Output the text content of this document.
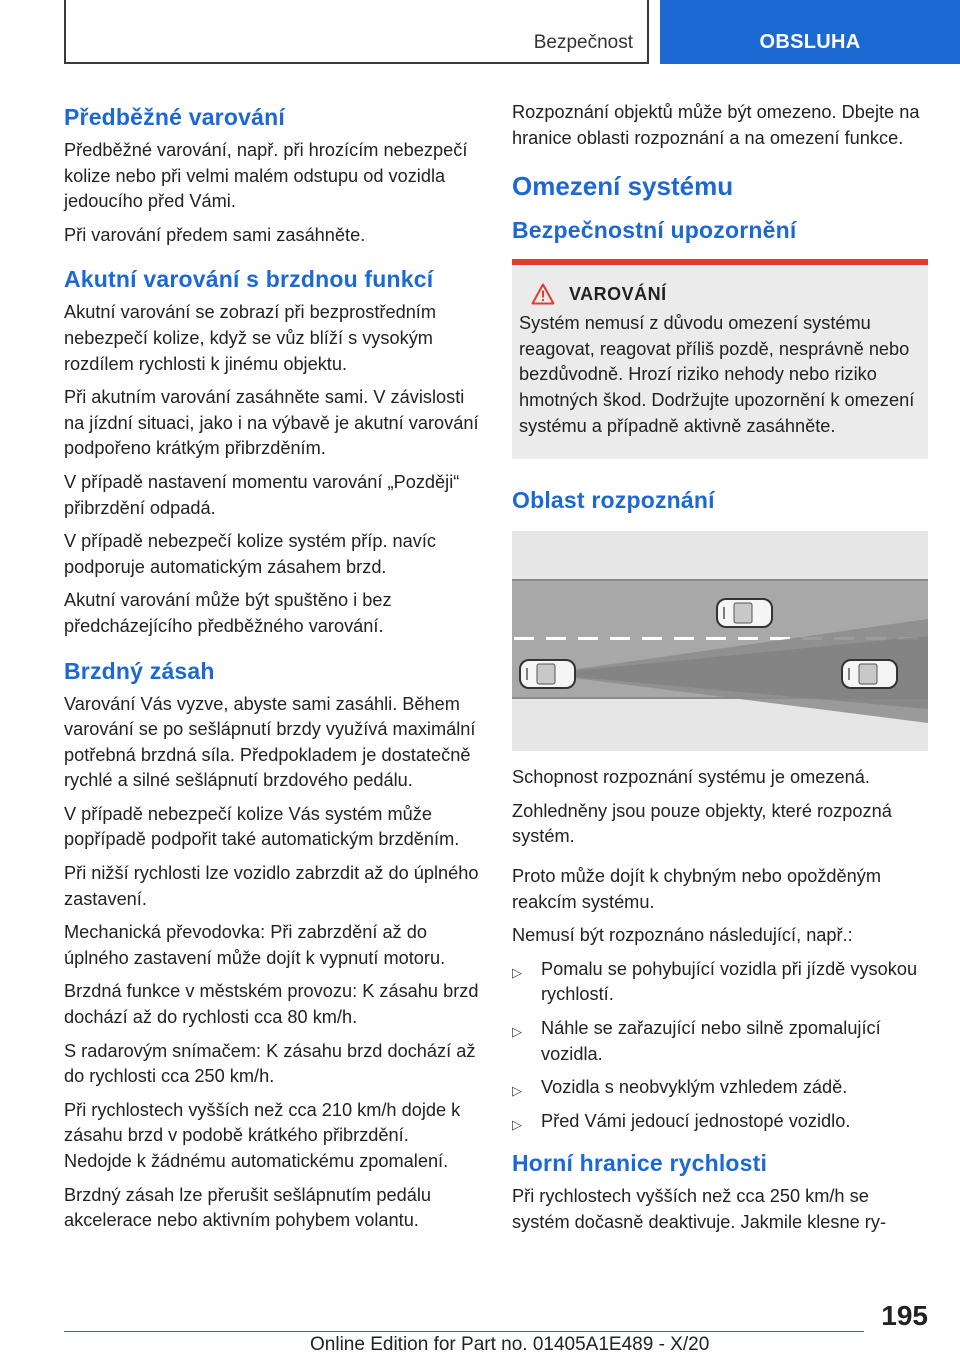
Bezpečnost	OBSLUHA
Předběžné varování

Předběžné varování, např. při hrozícím nebezpečí kolize nebo při velmi malém odstupu od vozidla jedoucího před Vámi.

Při varování předem sami zasáhněte.

Akutní varování s brzdnou funkcí

Akutní varování se zobrazí při bezprostředním nebezpečí kolize, když se vůz blíží s vysokým rozdílem rychlosti k jinému objektu.

Při akutním varování zasáhněte sami. V závislosti na jízdní situaci, jako i na výbavě je akutní varování podpořeno krátkým přibrzděním.

V případě nastavení momentu varování „Později“ přibrzdění odpadá.

V případě nebezpečí kolize systém příp. navíc podporuje automatickým zásahem brzd.

Akutní varování může být spuštěno i bez předcházejícího předběžného varování.

Brzdný zásah

Varování Vás vyzve, abyste sami zasáhli. Během varování se po sešlápnutí brzdy využívá maximální potřebná brzdná síla. Předpokladem je dostatečně rychlé a silné sešlápnutí brzdového pedálu.

V případě nebezpečí kolize Vás systém může popřípadě podpořit také automatickým brzděním.

Při nižší rychlosti lze vozidlo zabrzdit až do úplného zastavení.

Mechanická převodovka: Při zabrzdění až do úplného zastavení může dojít k vypnutí motoru.

Brzdná funkce v městském provozu: K zásahu brzd dochází až do rychlosti cca 80 km/h.

S radarovým snímačem: K zásahu brzd dochází až do rychlosti cca 250 km/h.

Při rychlostech vyšších než cca 210 km/h dojde k zásahu brzd v podobě krátkého přibrzdění. Nedojde k žádnému automatickému zpomalení.

Brzdný zásah lze přerušit sešlápnutím pedálu akcelerace nebo aktivním pohybem volantu.

Rozpoznání objektů může být omezeno. Dbejte na hranice oblasti rozpoznání a na omezení funkce.

Omezení systému
Bezpečnostní upozornění
VAROVÁNÍ

Systém nemusí z důvodu omezení systému reagovat, reagovat příliš pozdě, nesprávně nebo bezdůvodně. Hrozí riziko nehody nebo riziko hmotných škod. Dodržujte upozornění k omezení systému a případně aktivně zasáhněte.

Oblast rozpoznání

Schopnost rozpoznání systému je omezená.

Zohledněny jsou pouze objekty, které rozpozná systém.

Proto může dojít k chybným nebo opožděným reakcím systému.

Nemusí být rozpoznáno následující, např.:

▷ Pomalu se pohybující vozidla při jízdě vysokou rychlostí.
▷ Náhle se zařazující nebo silně zpomalující vozidla.
▷ Vozidla s neobvyklým vzhledem zádě.
▷ Před Vámi jedoucí jednostopé vozidlo.
Horní hranice rychlosti

Při rychlostech vyšších než cca 250 km/h se systém dočasně deaktivuje. Jakmile klesne ry-

195
Online Edition for Part no. 01405A1E489 - X/20
